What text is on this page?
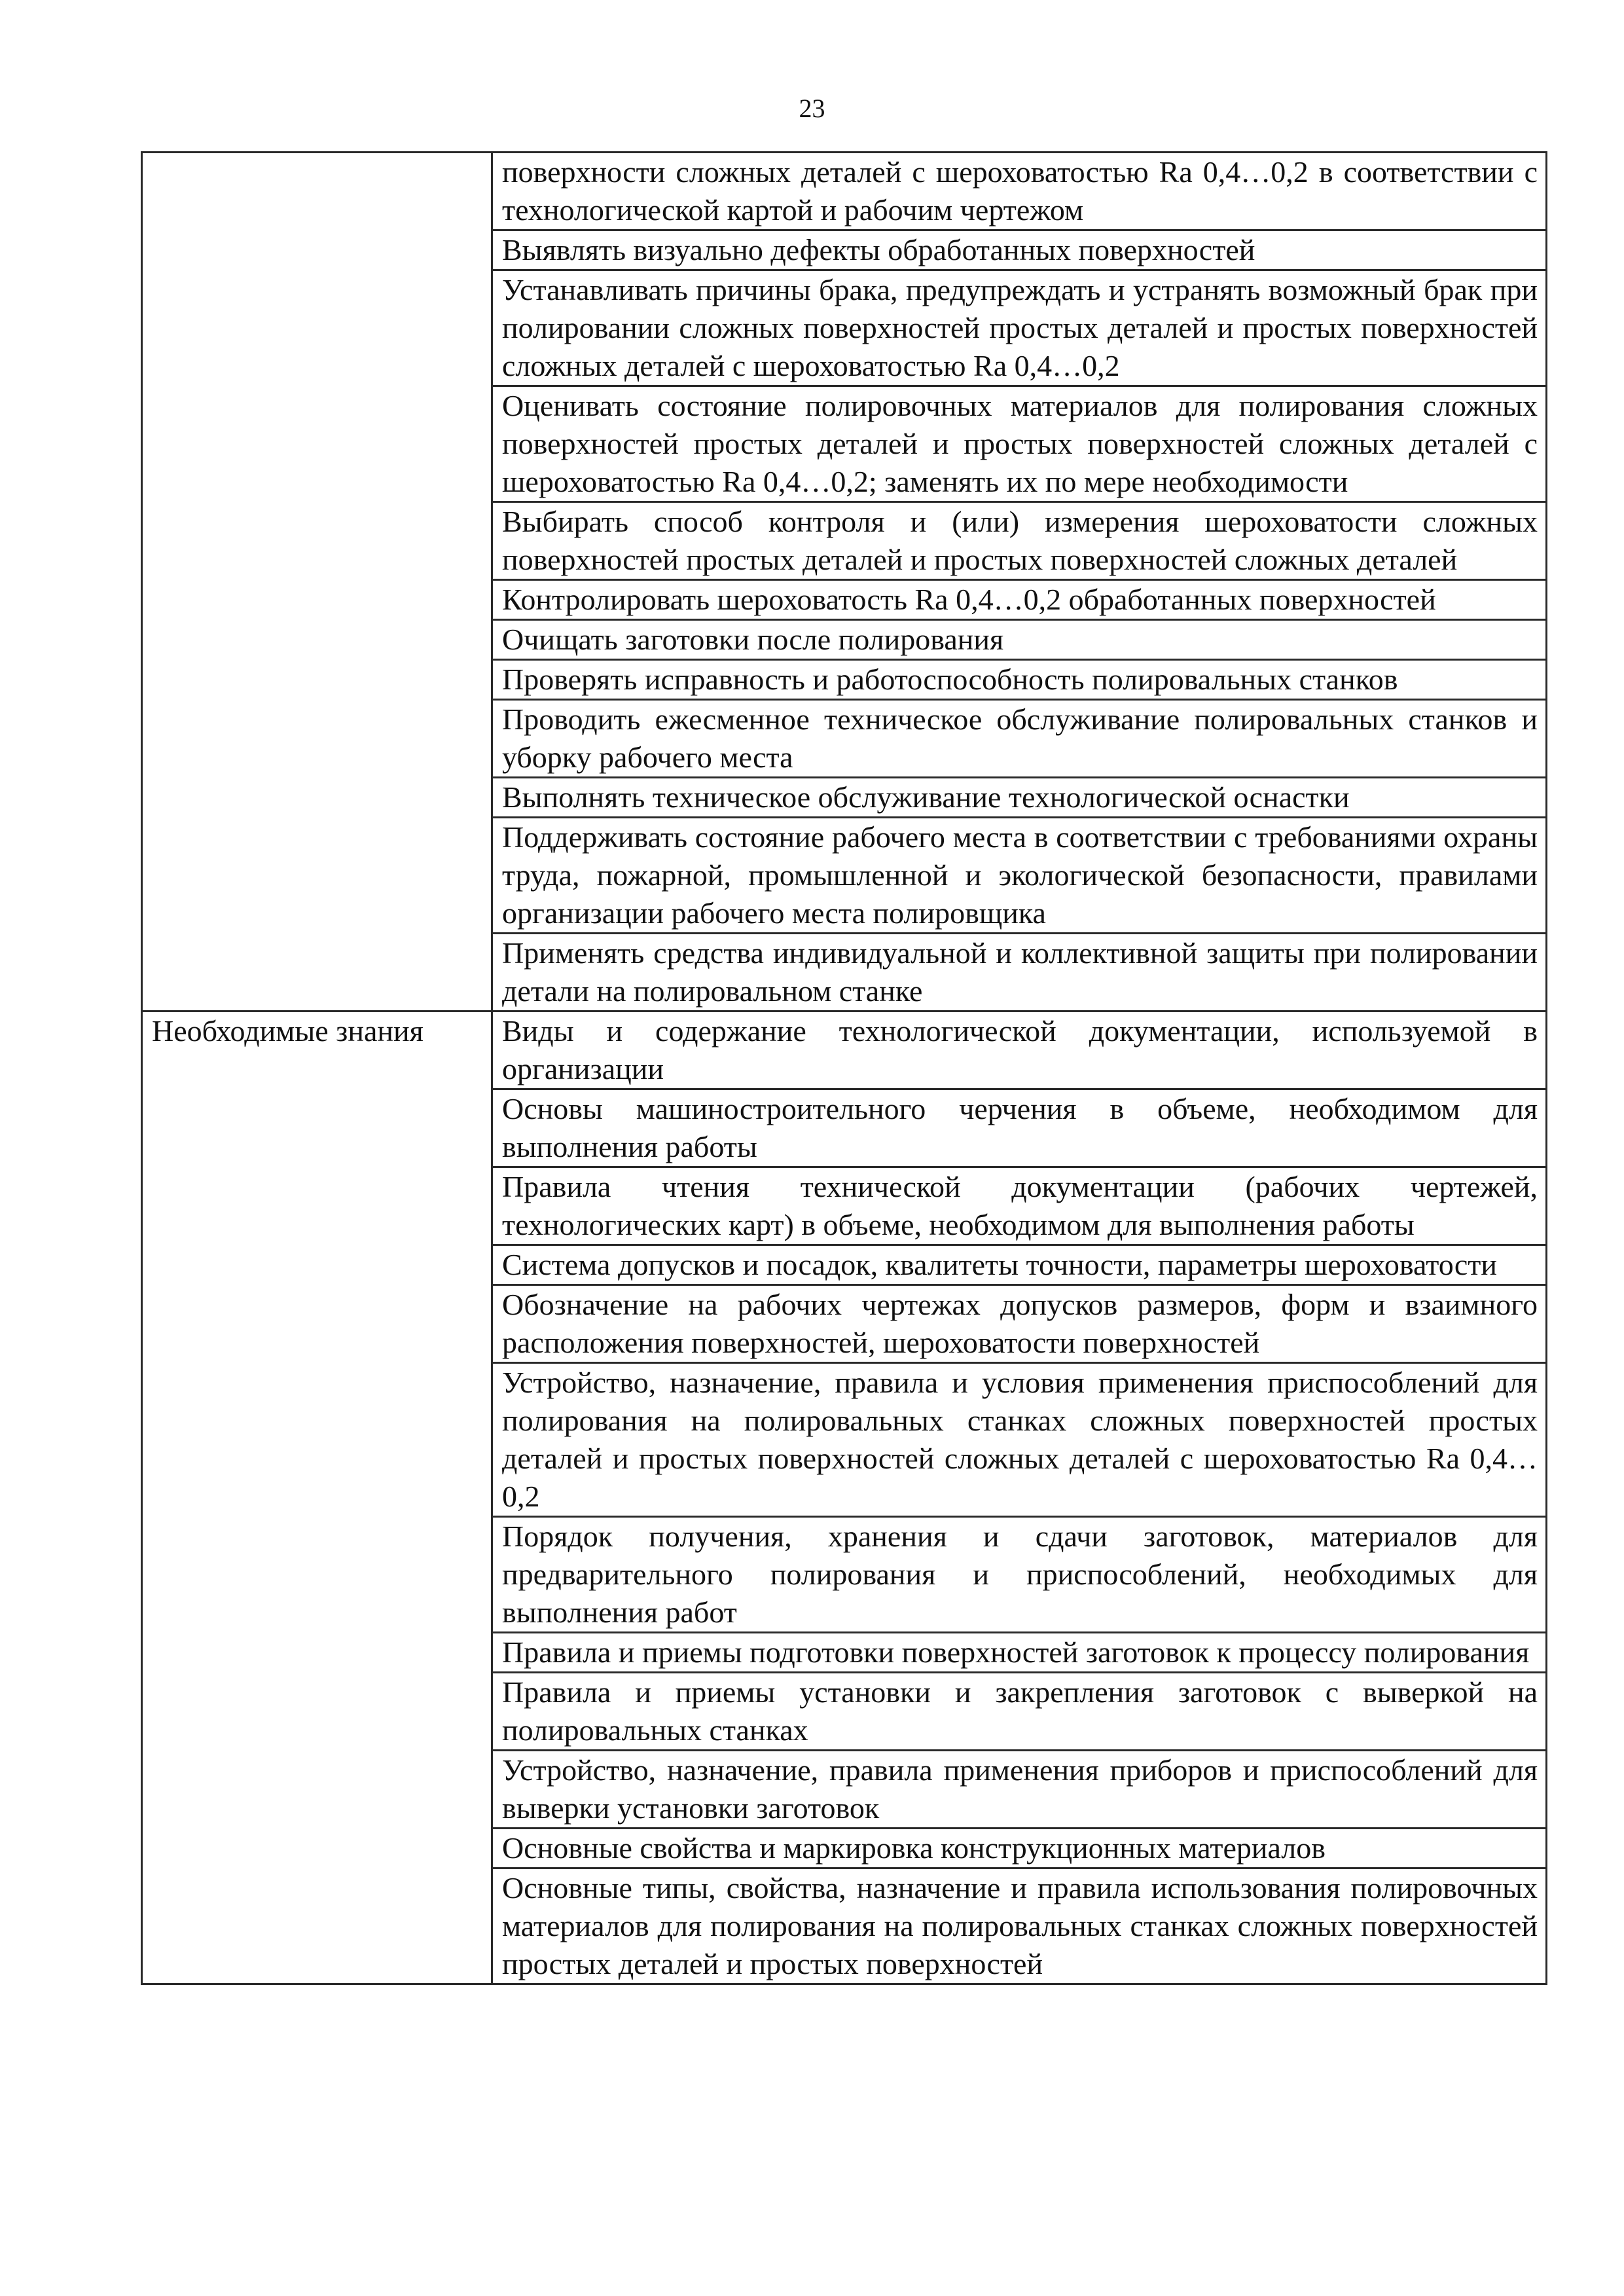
23
	поверхности сложных деталей с шероховатостью Ra 0,4…0,2 в соответствии с технологической картой и рабочим чертежом
	Выявлять визуально дефекты обработанных поверхностей
	Устанавливать причины брака, предупреждать и устранять возможный брак при полировании сложных поверхностей простых деталей и простых поверхностей сложных деталей с шероховатостью Ra 0,4…0,2
	Оценивать состояние полировочных материалов для полирования сложных поверхностей простых деталей и простых поверхностей сложных деталей с шероховатостью Ra 0,4…0,2; заменять их по мере необходимости
	Выбирать способ контроля и (или) измерения шероховатости сложных поверхностей простых деталей и простых поверхностей сложных деталей
	Контролировать шероховатость Ra 0,4…0,2 обработанных поверхностей
	Очищать заготовки после полирования
	Проверять исправность и работоспособность полировальных станков
	Проводить ежесменное техническое обслуживание полировальных станков и уборку рабочего места
	Выполнять техническое обслуживание технологической оснастки
	Поддерживать состояние рабочего места в соответствии с требованиями охраны труда, пожарной, промышленной и экологической безопасности, правилами организации рабочего места полировщика
	Применять средства индивидуальной и коллективной защиты при полировании детали на полировальном станке

Необходимые знания	Виды и содержание технологической документации, используемой в организации
	Основы машиностроительного черчения в объеме, необходимом для выполнения работы
	Правила чтения технической документации (рабочих чертежей, технологических карт) в объеме, необходимом для выполнения работы
	Система допусков и посадок, квалитеты точности, параметры шероховатости
	Обозначение на рабочих чертежах допусков размеров, форм и взаимного расположения поверхностей, шероховатости поверхностей
	Устройство, назначение, правила и условия применения приспособлений для полирования на полировальных станках сложных поверхностей простых деталей и простых поверхностей сложных деталей с шероховатостью Ra 0,4…0,2
	Порядок получения, хранения и сдачи заготовок, материалов для предварительного полирования и приспособлений, необходимых для выполнения работ
	Правила и приемы подготовки поверхностей заготовок к процессу полирования
	Правила и приемы установки и закрепления заготовок с выверкой на полировальных станках
	Устройство, назначение, правила применения приборов и приспособлений для выверки установки заготовок
	Основные свойства и маркировка конструкционных материалов
	Основные типы, свойства, назначение и правила использования полировочных материалов для полирования на полировальных станках сложных поверхностей простых деталей и простых поверхностей
